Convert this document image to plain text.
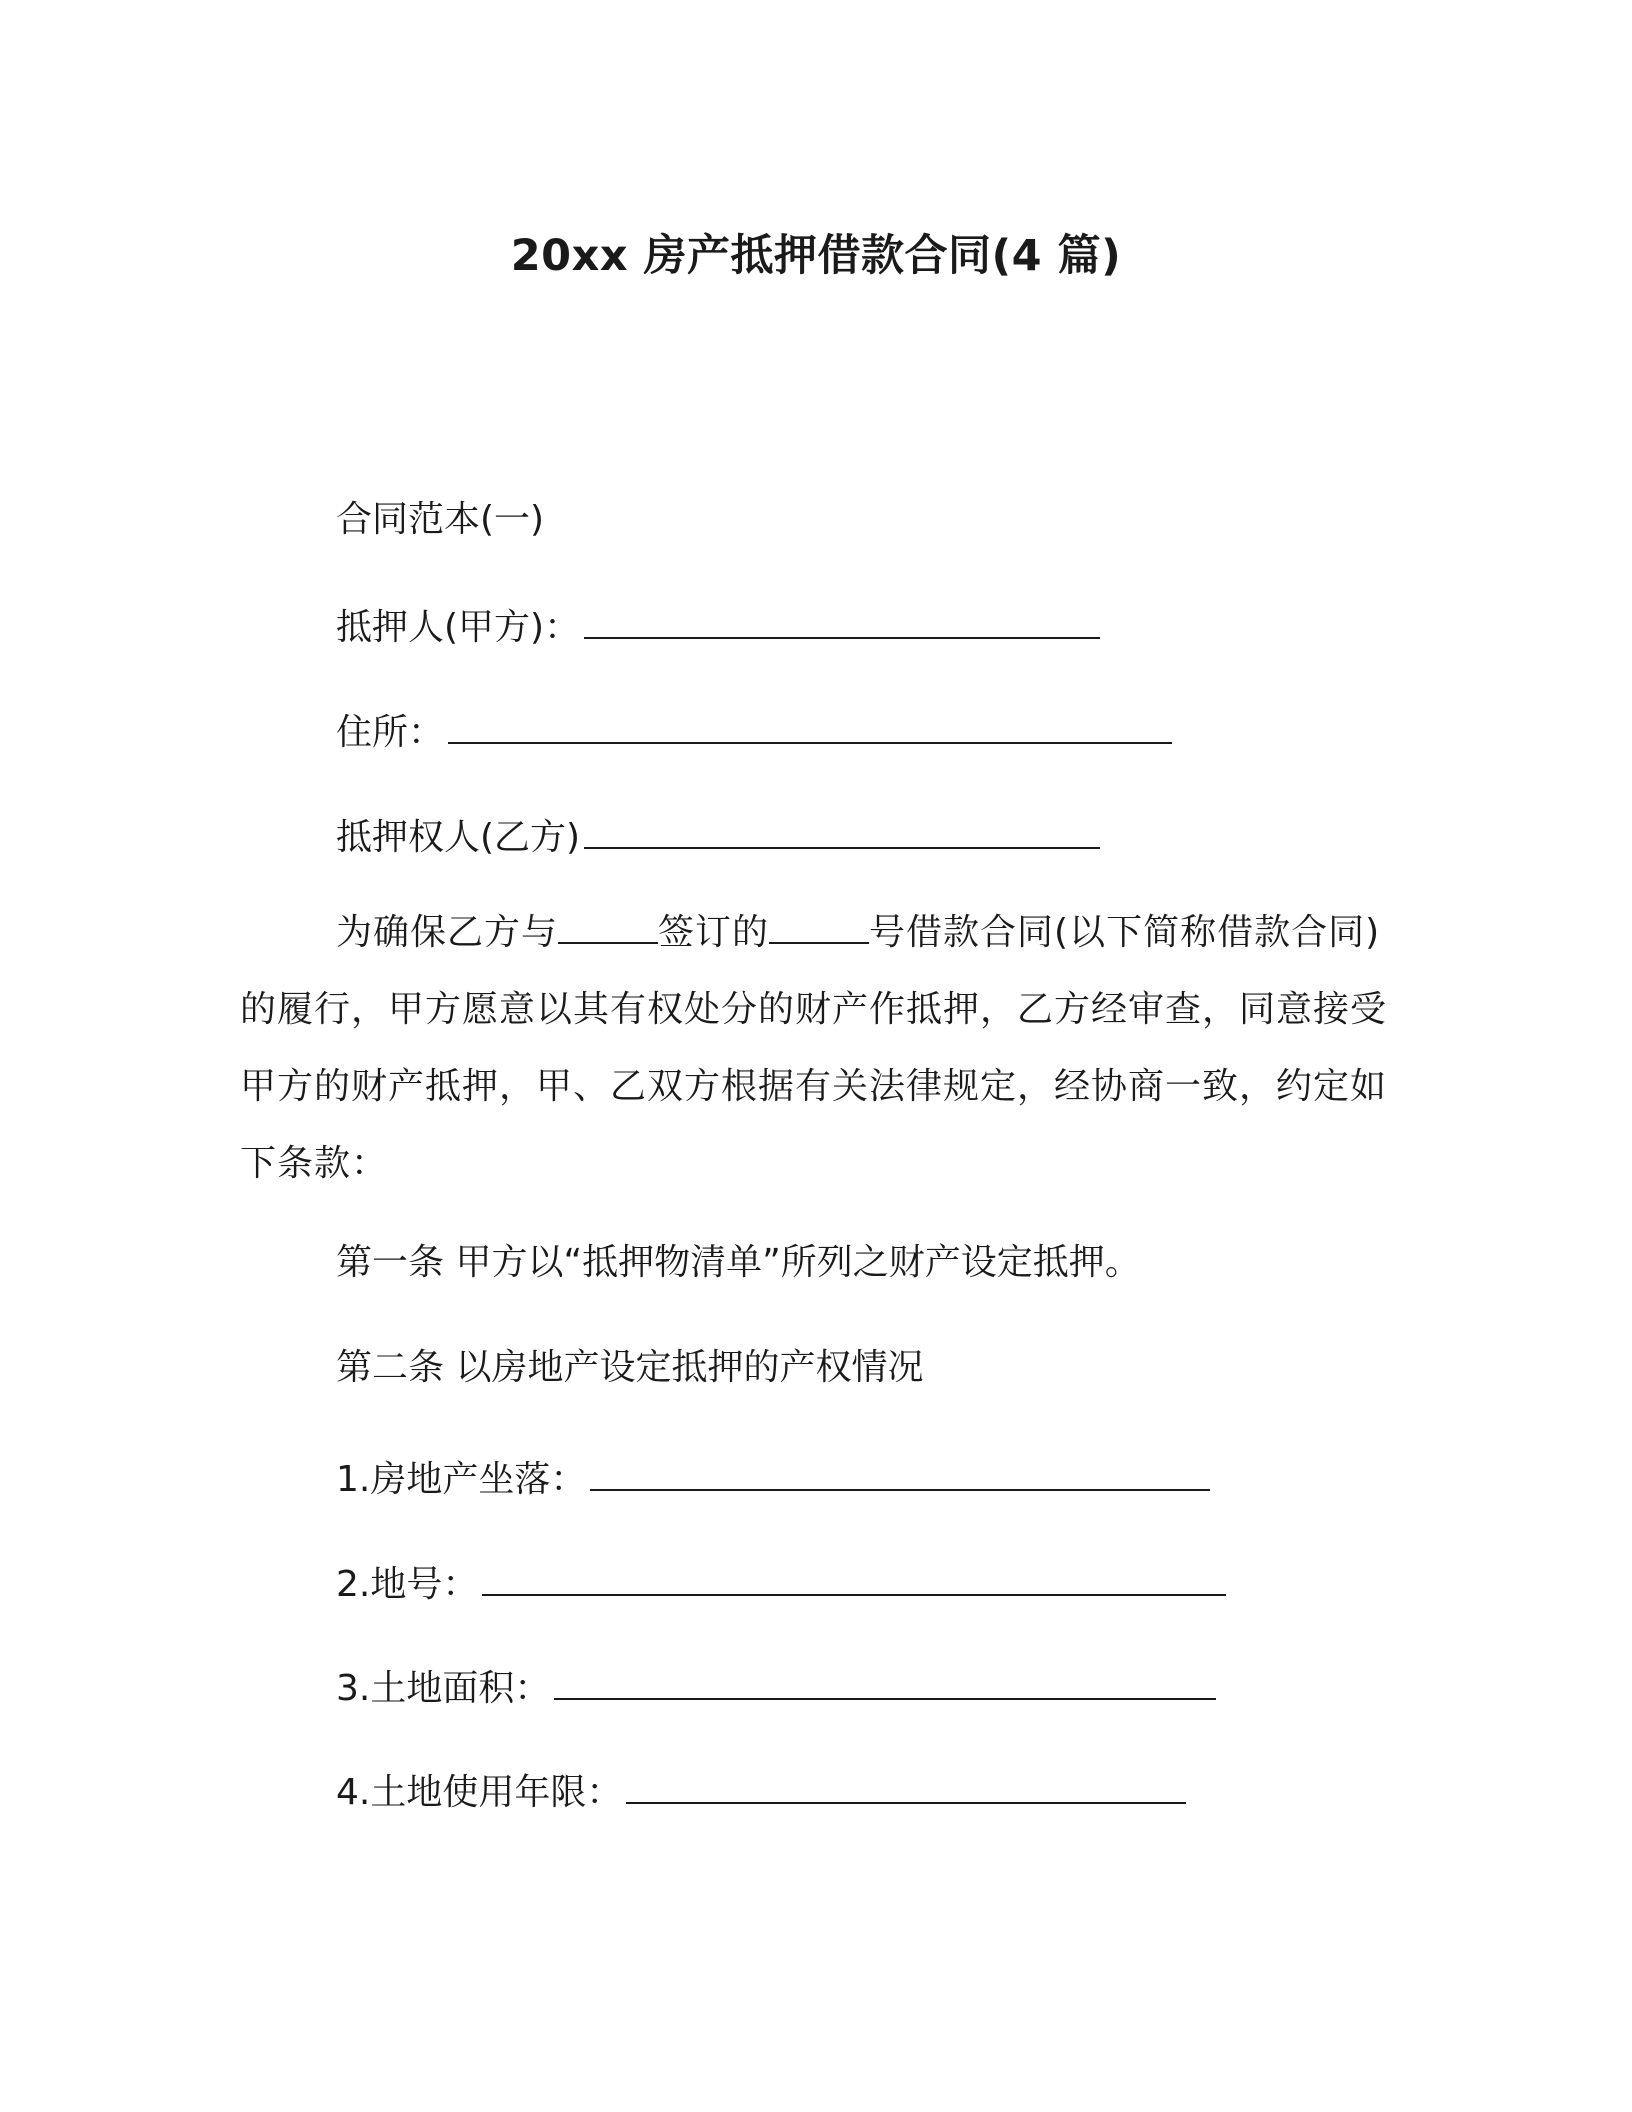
20xx 房产抵押借款合同(4 篇)
合同范本(一)
抵押人(甲方)：
住所：
抵押权人(乙方)
为确保乙方与	签订的	号借款合同(以下简称借款合同)的履行，甲方愿意以其有权处分的财产作抵押，乙方经审查，同意接受甲方的财产抵押，甲、乙双方根据有关法律规定，经协商一致，约定如下条款：
第一条 甲方以“抵押物清单”所列之财产设定抵押。
第二条 以房地产设定抵押的产权情况
1.房地产坐落：
2.地号：
3.土地面积：
4.土地使用年限：
